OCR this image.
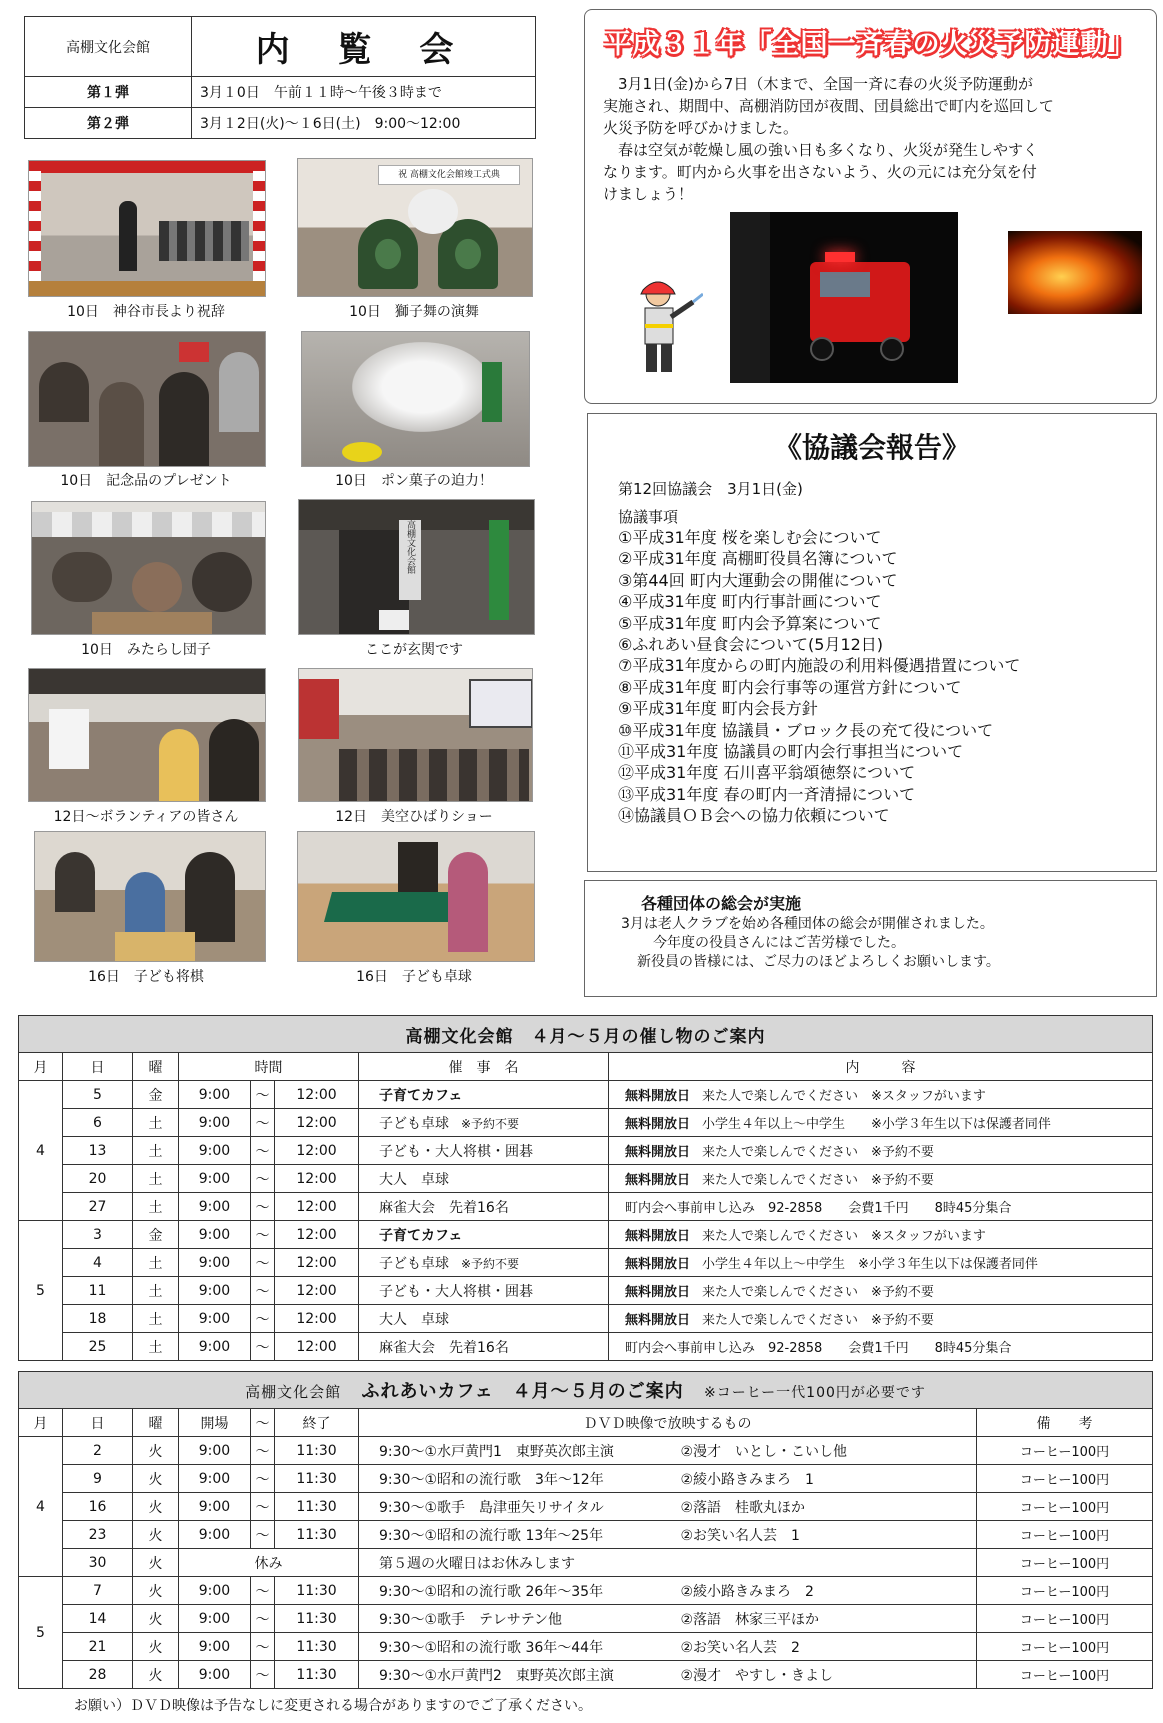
高棚文化会館	内 覧 会
第１弾	3月１0日　午前１１時～午後３時まで
第２弾	3月１2日(火)～１6日(土)　9:00～12:00
10日　神谷市長より祝辞
祝 高棚文化会館竣工式典
10日　獅子舞の演舞
10日　記念品のプレゼント	10日　ポン菓子の迫力！
10日　みたらし団子
高棚文化会館
ここが玄関です
12日～ボランティアの皆さん	12日　美空ひばりショー
16日　子ども将棋	16日　子ども卓球
平成３１年「全国一斉春の火災予防運動」
　3月1日(金)から7日（木まで、全国一斉に春の火災予防運動が
実施され、期間中、高棚消防団が夜間、団員総出で町内を巡回して
火災予防を呼びかけました。
　春は空気が乾燥し風の強い日も多くなり、火災が発生しやすく
なります。町内から火事を出さないよう、火の元には充分気を付
けましょう！
《協議会報告》
第12回協議会　3月1日(金)
協議事項
①平成31年度 桜を楽しむ会について
②平成31年度 高棚町役員名簿について
③第44回 町内大運動会の開催について
④平成31年度 町内行事計画について
⑤平成31年度 町内会予算案について
⑥ふれあい昼食会について(5月12日)
⑦平成31年度からの町内施設の利用料優遇措置について
⑧平成31年度 町内会行事等の運営方針について
⑨平成31年度 町内会長方針
⑩平成31年度 協議員・ブロック長の充て役について
⑪平成31年度 協議員の町内会行事担当について
⑫平成31年度 石川喜平翁頌徳祭について
⑬平成31年度 春の町内一斉清掃について
⑭協議員ＯＢ会への協力依頼について
各種団体の総会が実施
3月は老人クラブを始め各種団体の総会が開催されました。
今年度の役員さんにはご苦労様でした。
新役員の皆様には、ご尽力のほどよろしくお願いします。
高棚文化会館　４月～５月の催し物のご案内							
月	日	曜	時間			催　事　名	内　　　容
4	5	金	9:00	～	12:00	子育てカフェ	無料開放日 来た人で楽しんでください　※スタッフがいます
	6	土	9:00	～	12:00	子ども卓球 ※予約不要	無料開放日 小学生４年以上～中学生　　※小学３年生以下は保護者同伴
	13	土	9:00	～	12:00	子ども・大人将棋・囲碁	無料開放日 来た人で楽しんでください　※予約不要
	20	土	9:00	～	12:00	大人　卓球	無料開放日 来た人で楽しんでください　※予約不要
	27	土	9:00	～	12:00	麻雀大会　先着16名	町内会へ事前申し込み　92-2858　　会費1千円　　8時45分集合
5	3	金	9:00	～	12:00	子育てカフェ	無料開放日 来た人で楽しんでください　※スタッフがいます
	4	土	9:00	～	12:00	子ども卓球 ※予約不要	無料開放日 小学生４年以上～中学生　※小学３年生以下は保護者同伴
	11	土	9:00	～	12:00	子ども・大人将棋・囲碁	無料開放日 来た人で楽しんでください　※予約不要
	18	土	9:00	～	12:00	大人　卓球	無料開放日 来た人で楽しんでください　※予約不要
	25	土	9:00	～	12:00	麻雀大会　先着16名	町内会へ事前申し込み　92-2858　　会費1千円　　8時45分集合
高棚文化会館 ふれあいカフェ　４月～５月のご案内 ※コーヒー一代100円が必要です								
月	日	曜	開場	～	終了	ＤＶＤ映像で放映するもの		備　　考
4	2	火	9:00	～	11:30	9:30～①水戸黄門1　東野英次郎主演	②漫才　いとし・こいし他	コーヒー100円
	9	火	9:00	～	11:30	9:30～①昭和の流行歌　3年～12年	②綾小路きみまろ　1	コーヒー100円
	16	火	9:00	～	11:30	9:30～①歌手　島津亜矢リサイタル	②落語　桂歌丸ほか	コーヒー100円
	23	火	9:00	～	11:30	9:30～①昭和の流行歌 13年～25年	②お笑い名人芸　1	コーヒー100円
	30	火	休み			第５週の火曜日はお休みします		コーヒー100円
5	7	火	9:00	～	11:30	9:30～①昭和の流行歌 26年～35年	②綾小路きみまろ　2	コーヒー100円
	14	火	9:00	～	11:30	9:30～①歌手　テレサテン他	②落語　林家三平ほか	コーヒー100円
	21	火	9:00	～	11:30	9:30～①昭和の流行歌 36年～44年	②お笑い名人芸　2	コーヒー100円
	28	火	9:00	～	11:30	9:30～①水戸黄門2　東野英次郎主演	②漫才　やすし・きよし	コーヒー100円
お願い）ＤＶＤ映像は予告なしに変更される場合がありますのでご了承ください。
